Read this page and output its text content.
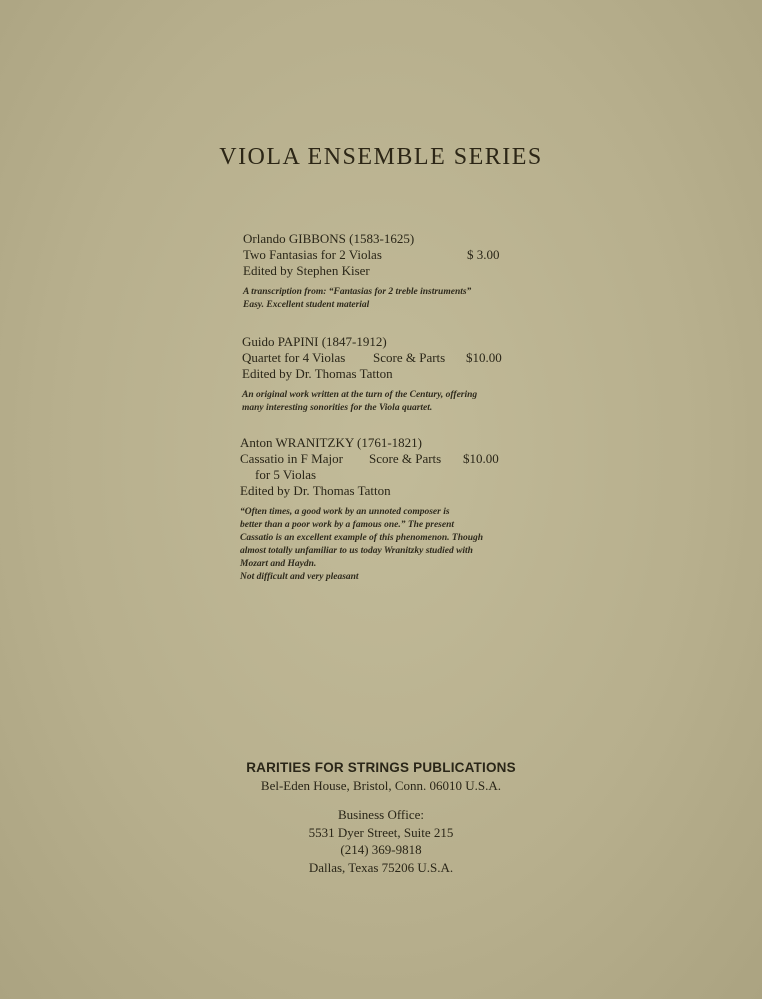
VIOLA ENSEMBLE SERIES
Orlando GIBBONS (1583-1625)
Two Fantasias for 2 Violas	$ 3.00
Edited by Stephen Kiser
A transcription from: “Fantasias for 2 treble instruments”
Easy. Excellent student material
Guido PAPINI (1847-1912)
Quartet for 4 Violas Score & Parts $10.00
Edited by Dr. Thomas Tatton
An original work written at the turn of the Century, offering
many interesting sonorities for the Viola quartet.
Anton WRANITZKY (1761-1821)
Cassatio in F Major Score & Parts $10.00
for 5 Violas
Edited by Dr. Thomas Tatton
“Often times, a good work by an unnoted composer is
better than a poor work by a famous one.” The present
Cassatio is an excellent example of this phenomenon. Though
almost totally unfamiliar to us today Wranitzky studied with
Mozart and Haydn.
Not difficult and very pleasant
RARITIES FOR STRINGS PUBLICATIONS
Bel-Eden House, Bristol, Conn. 06010 U.S.A.
Business Office:
5531 Dyer Street, Suite 215
(214) 369-9818
Dallas, Texas 75206 U.S.A.
